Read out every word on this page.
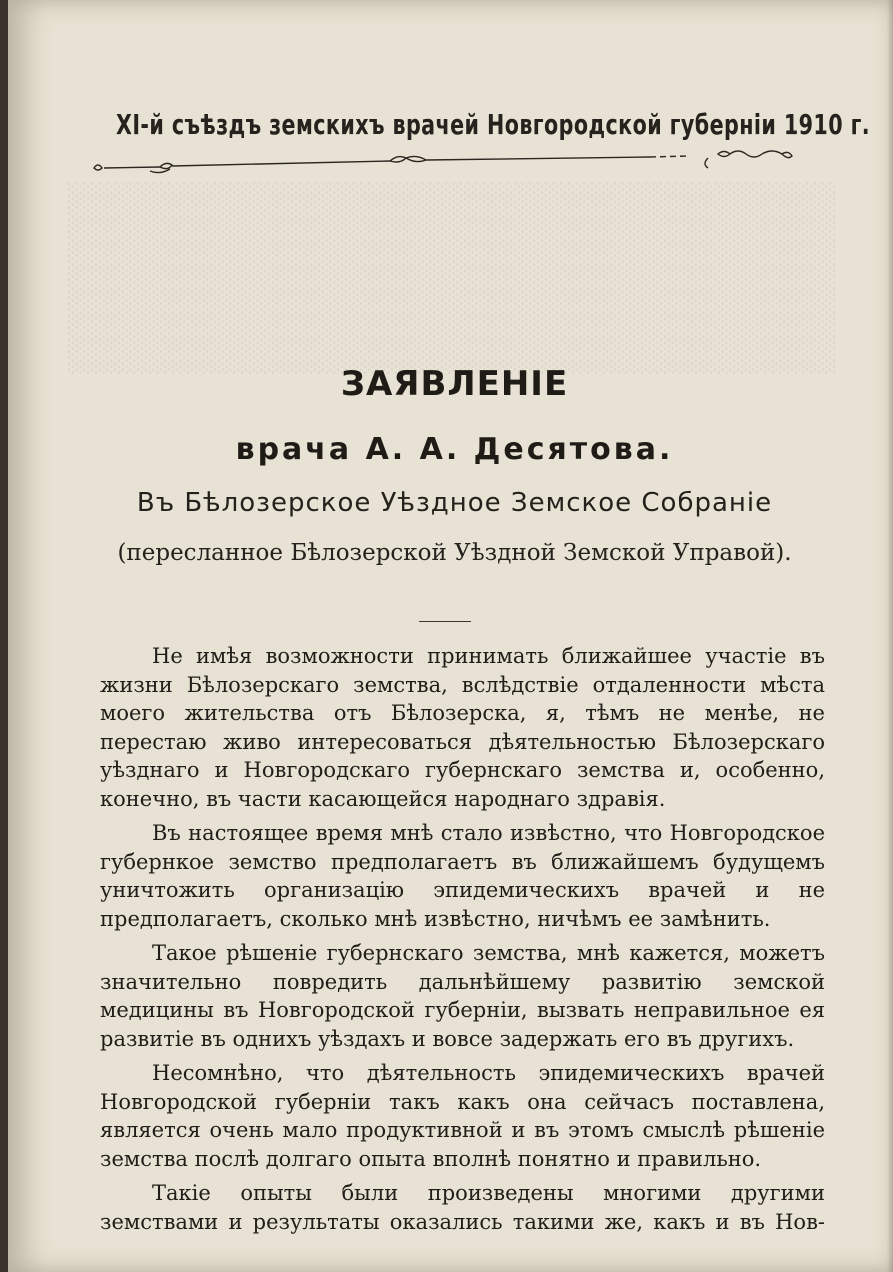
░░░░░░░░░░░░░░░░░░░░░░░░░░░░░░░░░░░░░░░░░░░░░░░░░░
░░░░░░░░░░░░░░░░░░░░░░░░░░░░░░░░░░░░░░░░░░░░░░░░░░
░░░░░░░░░░░░░░░░░░░░░░░░░░░░░░░░░░░░░░░░░░░░░░░░░░
░░░░░░░░░░░░░░░░░░░░░░░░░░░░░░░░░░░░░░░░░░░░░░░░░░
░░░░░░░░░░░░░░░░░░░░░░░░░░░░░░░░░░░░░░░░░░░░░░░░░░
░░░░░░░░░░░░░░░░░░░░░░░░░░░░░░░░░░░░░░░░░░░░░░░░░░
░░░░░░░░░░░░░░░░░░░░░░░░░░░░░░░░░░░░░░░░░░░░░░░░░░
░░░░░░░░░░░░░░░░░░░░░░░░░░░░░░░░░░░░░░░░░░░░░░░░░░
XI-й съѣздъ земскихъ врачей Новгородской губерніи 1910 г.
ЗАЯВЛЕНІЕ
врача А. А. Десятова.
Въ Бѣлозерское Уѣздное Земское Собраніе
(пересланное Бѣлозерской Уѣздной Земской Управой).

Не имѣя возможности принимать ближайшее участіе въ жизни Бѣлозерскаго земства, вслѣдствіе отдаленности мѣста моего жительства отъ Бѣлозерска, я, тѣмъ не менѣе, не перестаю живо интересоваться дѣятельностью Бѣлозерскаго уѣзднаго и Новгородскаго губернскаго земства и, особенно, конечно, въ части касающейся народнаго здравія.

Въ настоящее время мнѣ стало извѣстно, что Новгородское губернкое земство предполагаетъ въ ближайшемъ будущемъ уничтожить организацію эпидемическихъ врачей и не предполагаетъ, сколько мнѣ извѣстно, ничѣмъ ее замѣнить.

Такое рѣшеніе губернскаго земства, мнѣ кажется, можетъ значительно повредить дальнѣйшему развитію земской медицины въ Новгородской губерніи, вызвать неправильное ея развитіе въ однихъ уѣздахъ и вовсе задержать его въ другихъ.

Несомнѣно, что дѣятельность эпидемическихъ врачей Новгородской губерніи такъ какъ она сейчасъ поставлена, является очень мало продуктивной и въ этомъ смыслѣ рѣшеніе земства послѣ долгаго опыта вполнѣ понятно и правильно.

Такіе опыты были произведены многими другими земствами и результаты оказались такими же, какъ и въ Нов-
